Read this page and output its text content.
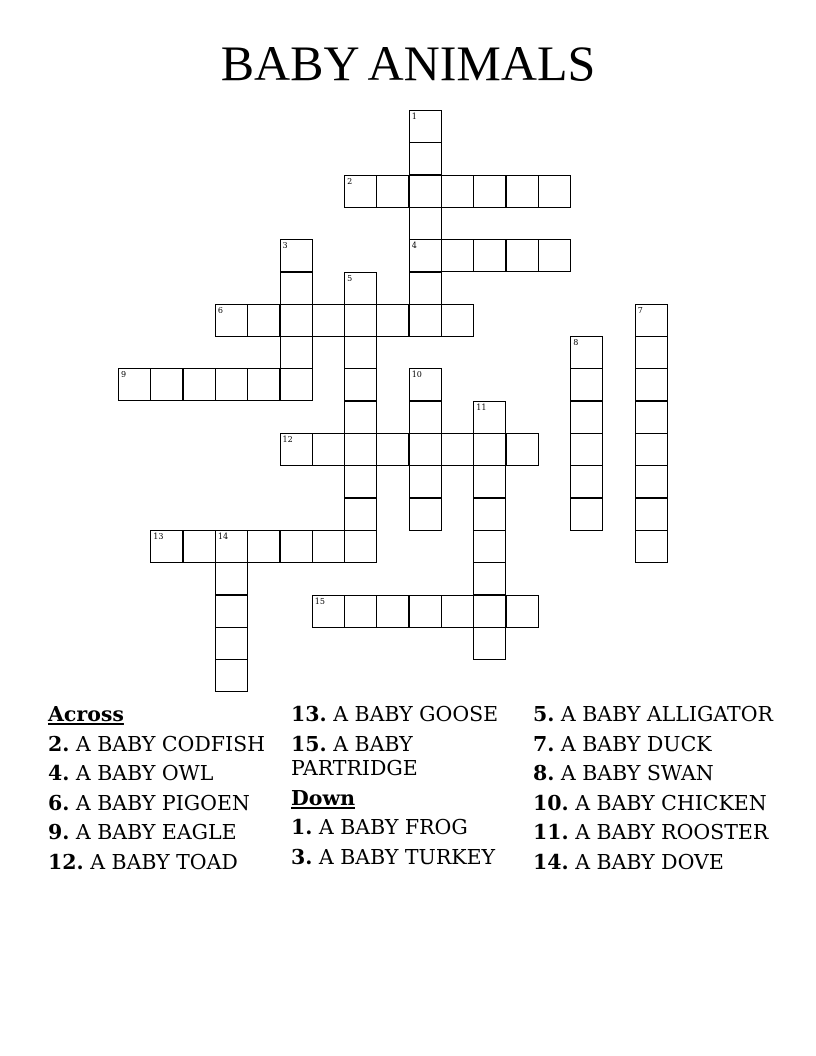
BABY ANIMALS
1
4
2
3
5
6	7
8
9	10
11
12
13	14
15
Across
2. A BABY CODFISH
4. A BABY OWL
6. A BABY PIGOEN
9. A BABY EAGLE
12. A BABY TOAD
13. A BABY GOOSE
15. A BABY PARTRIDGE
Down
1. A BABY FROG
3. A BABY TURKEY
5. A BABY ALLIGATOR
7. A BABY DUCK
8. A BABY SWAN
10. A BABY CHICKEN
11. A BABY ROOSTER
14. A BABY DOVE
